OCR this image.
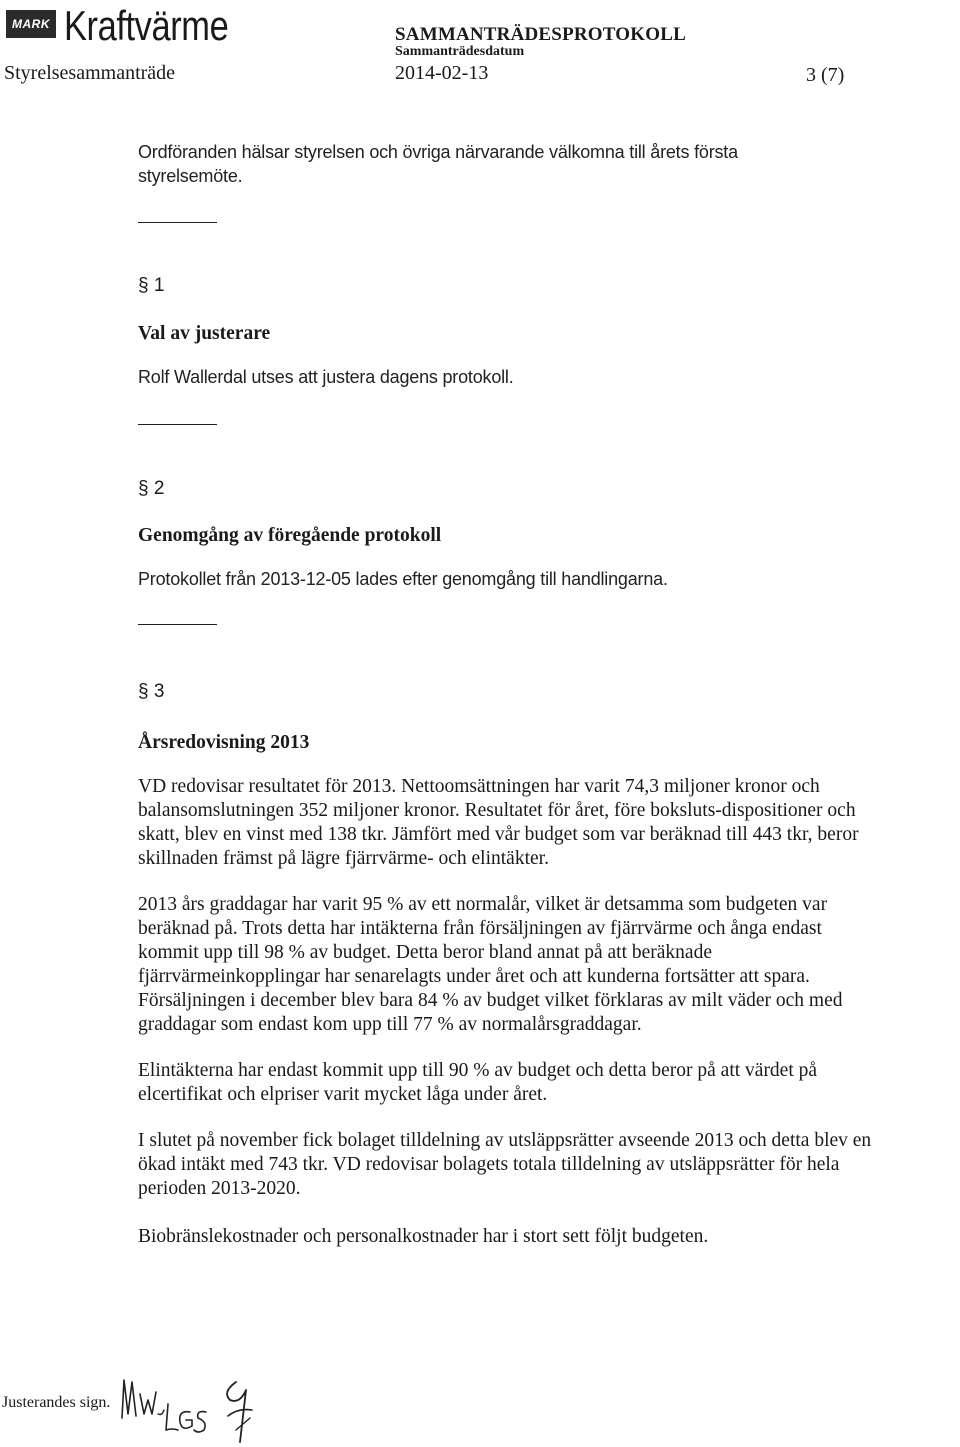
MARK Kraftvärme
Styrelsesammanträde
SAMMANTRÄDESPROTOKOLL
Sammanträdesdatum
2014-02-13	3 (7)

Ordföranden hälsar styrelsen och övriga närvarande välkomna till årets första styrelsemöte.

§ 1

Val av justerare

Rolf Wallerdal utses att justera dagens protokoll.

§ 2

Genomgång av föregående protokoll

Protokollet från 2013-12-05 lades efter genomgång till handlingarna.

§ 3

Årsredovisning 2013

VD redovisar resultatet för 2013. Nettoomsättningen har varit 74,3 miljoner kronor och balansomslutningen 352 miljoner kronor. Resultatet för året, före boksluts-dispositioner och skatt, blev en vinst med 138 tkr. Jämfört med vår budget som var beräknad till 443 tkr, beror skillnaden främst på lägre fjärrvärme- och elintäkter.

2013 års graddagar har varit 95 % av ett normalår, vilket är detsamma som budgeten var beräknad på. Trots detta har intäkterna från försäljningen av fjärrvärme och ånga endast kommit upp till 98 % av budget. Detta beror bland annat på att beräknade fjärrvärmeinkopplingar har senarelagts under året och att kunderna fortsätter att spara. Försäljningen i december blev bara 84 % av budget vilket förklaras av milt väder och med graddagar som endast kom upp till 77 % av normalårsgraddagar.

Elintäkterna har endast kommit upp till 90 % av budget och detta beror på att värdet på elcertifikat och elpriser varit mycket låga under året.

I slutet på november fick bolaget tilldelning av utsläppsrätter avseende 2013 och detta blev en ökad intäkt med 743 tkr. VD redovisar bolagets totala tilldelning av utsläppsrätter för hela perioden 2013-2020.

Biobränslekostnader och personalkostnader har i stort sett följt budgeten.

Justerandes sign.
